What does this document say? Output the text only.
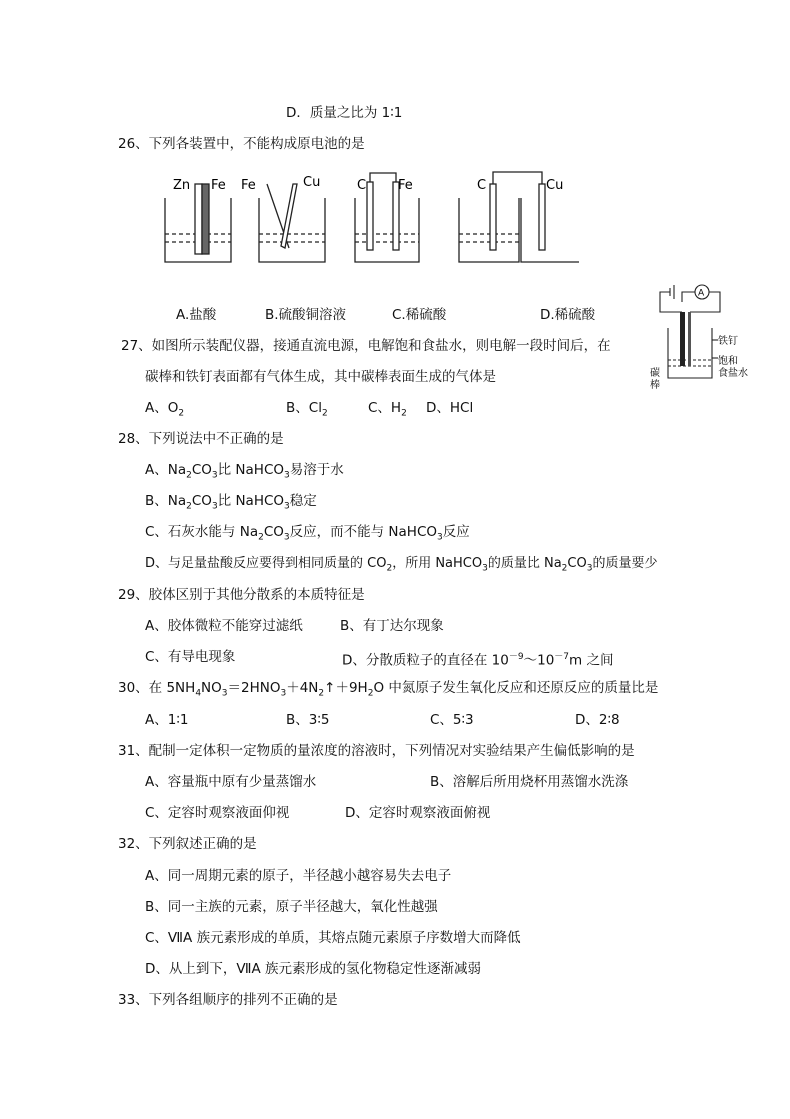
D．质量之比为 1∶1
26、下列各装置中，不能构成原电池的是
Zn Fe Fe	Cu	C Fe	C	Cu
A.盐酸	B.硫酸铜溶液	C.稀硫酸	D.稀硫酸
A
碳
棒
铁钉
饱和
食盐水
27、如图所示装配仪器，接通直流电源，电解饱和食盐水，则电解一段时间后，在
碳棒和铁钉表面都有气体生成，其中碳棒表面生成的气体是
A、$O_2$	B、$Cl_2$	C、$H_2$ D、HCl
28、下列说法中不正确的是
A、$Na_2CO_3$比 NaHCO$_3$易溶于水
B、$Na_2CO_3$比 NaHCO$_3$稳定
C、石灰水能与 $Na_2CO_3$反应，而不能与 NaHCO$_3$反应
D、与足量盐酸反应要得到相同质量的 $CO_2$，所用 NaHCO$_3$的质量比 $Na_2CO_3$的质量要少
29、胶体区别于其他分散系的本质特征是
A、胶体微粒不能穿过滤纸	B、有丁达尔现象
C、有导电现象	D、分散质粒子的直径在 $10^{-9}\sim 10^{-7}m$ 之间
30、在 $5NH_4NO_3=2HNO_3+4N_2↑+9H_2O$ 中氮原子发生氧化反应和还原反应的质量比是
A、1∶1	B、3∶5	C、5∶3	D、2∶8
31、配制一定体积一定物质的量浓度的溶液时，下列情况对实验结果产生偏低影响的是
A、容量瓶中原有少量蒸馏水	B、溶解后所用烧杯用蒸馏水洗涤
C、定容时观察液面仰视	D、定容时观察液面俯视
32、下列叙述正确的是
A、同一周期元素的原子，半径越小越容易失去电子
B、同一主族的元素，原子半径越大，氧化性越强
C、ⅦA 族元素形成的单质，其熔点随元素原子序数增大而降低
D、从上到下，ⅦA 族元素形成的氢化物稳定性逐渐减弱
33、下列各组顺序的排列不正确的是
